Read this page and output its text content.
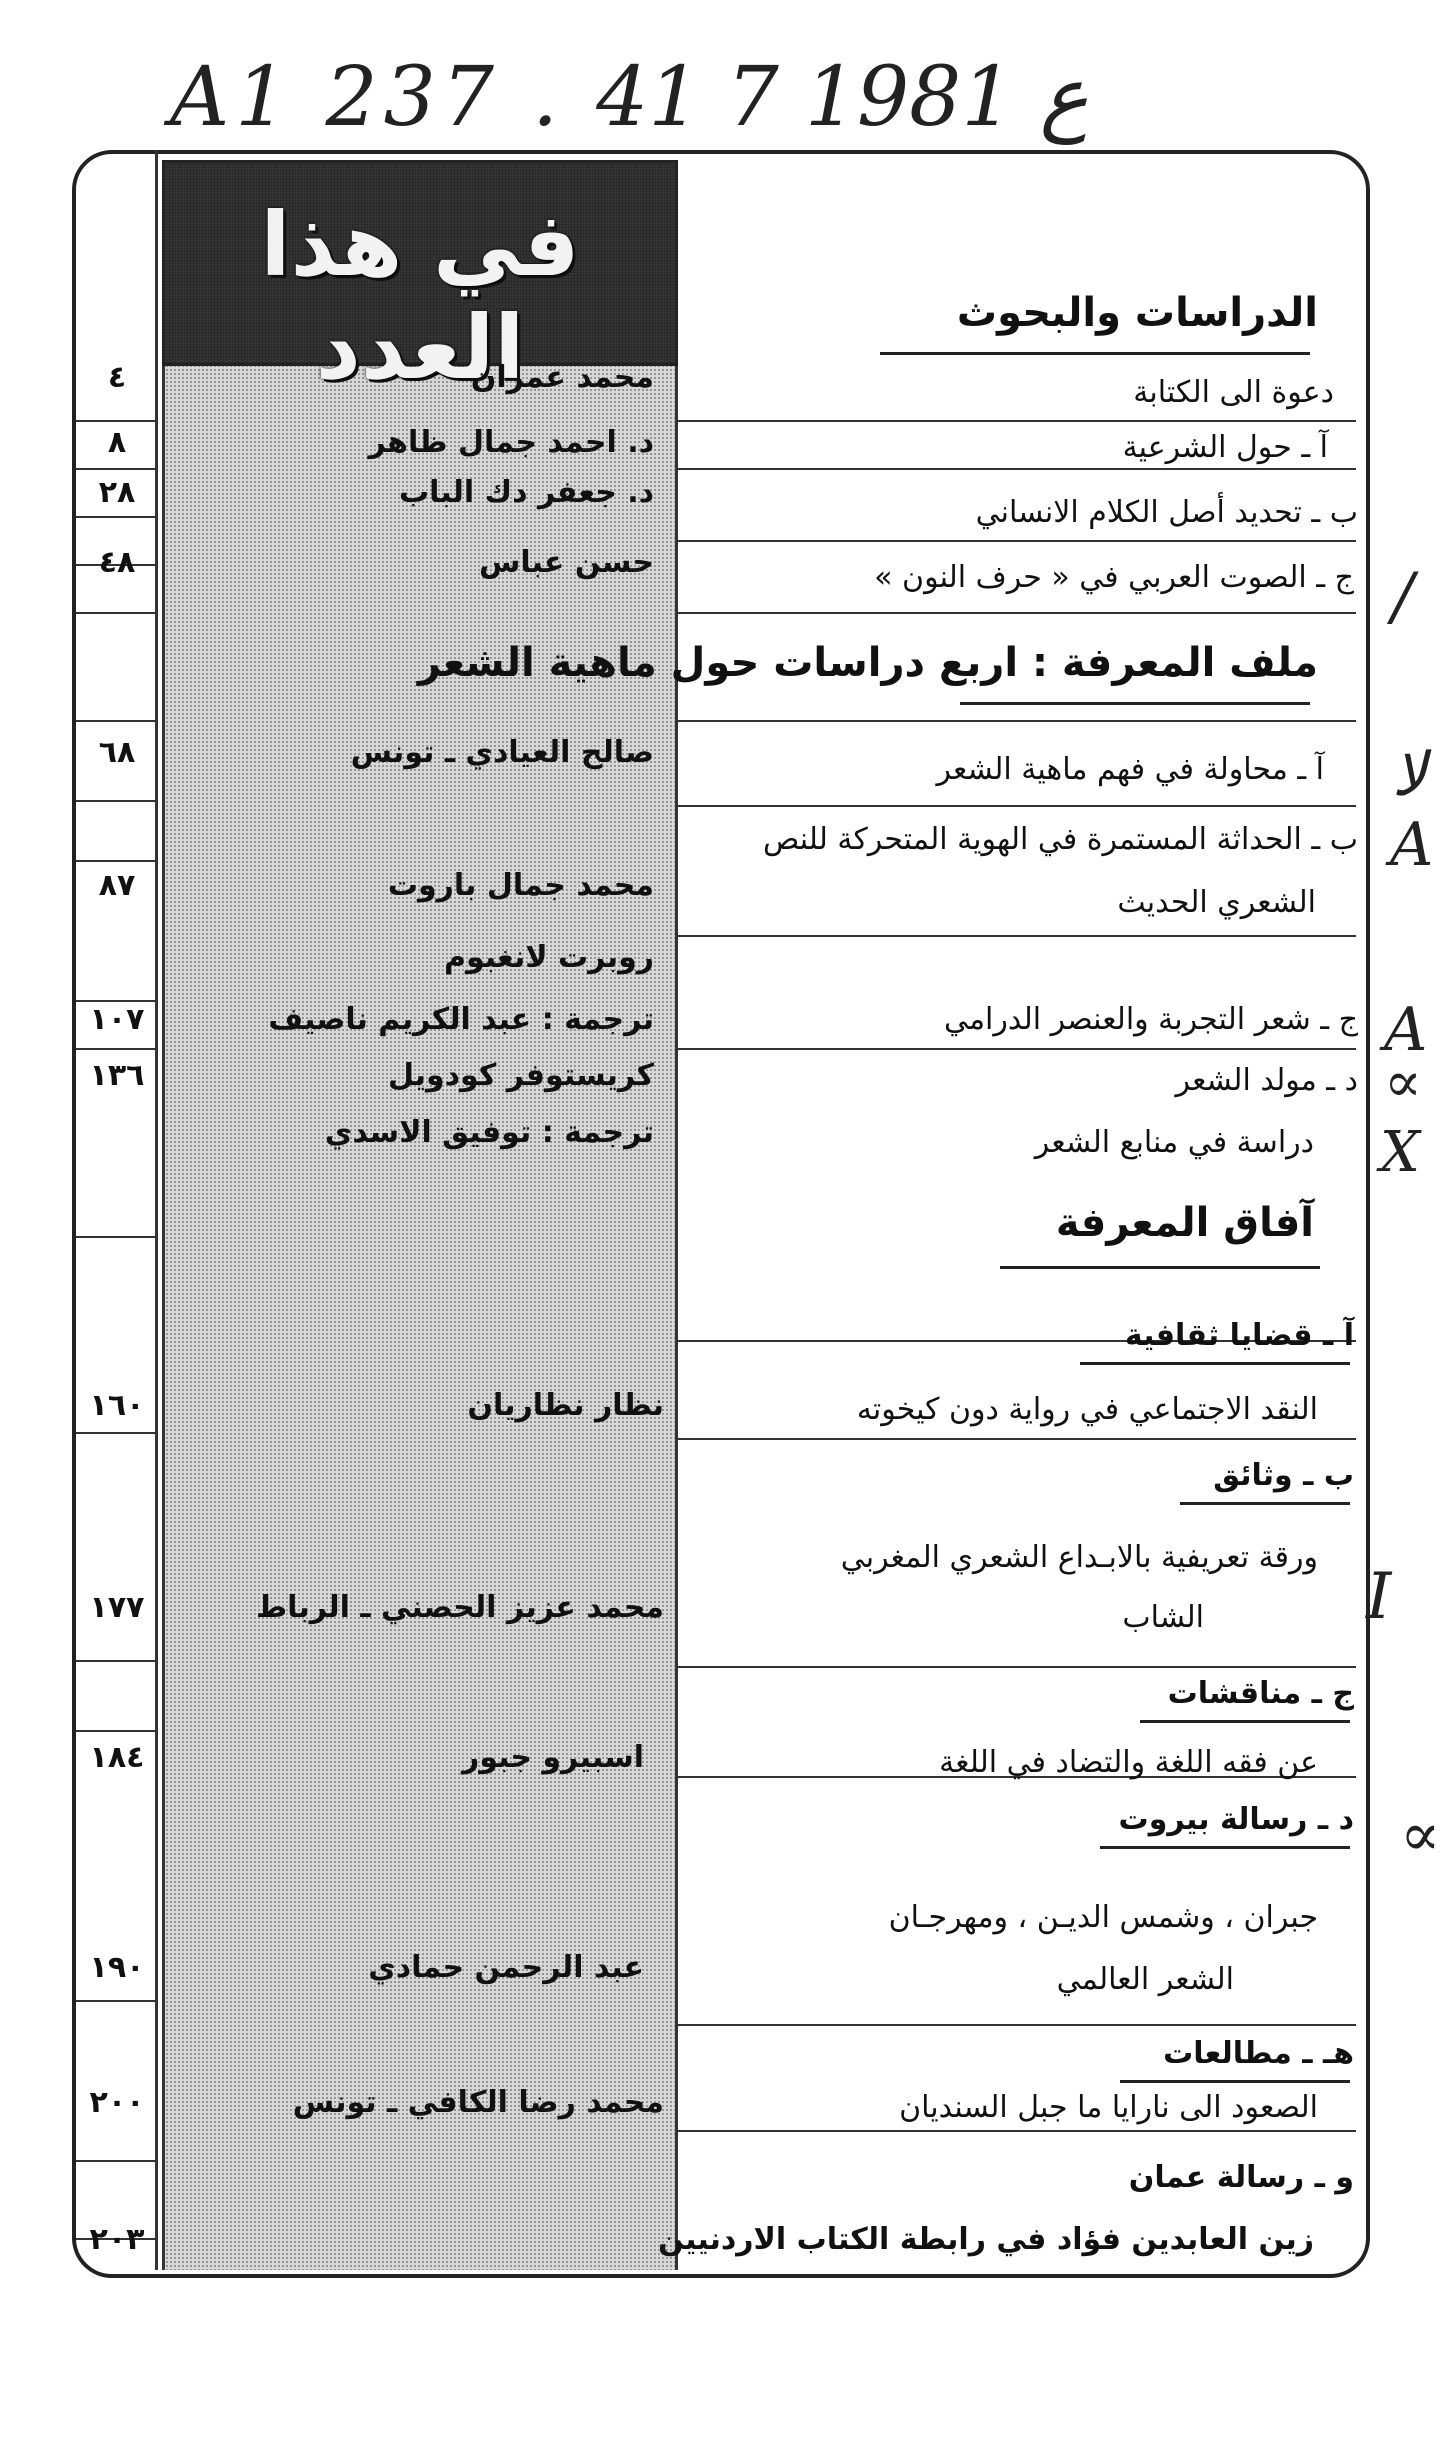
A1 237 . ع 1981 7 41
/
ﻻ
A
A
∝
X
I
∝
في هذا العدد	الدراسات والبحوث
دعوة الى الكتابة
محمد عمران
٤
آ ـ حول الشرعية
د. احمد جمال ظاهر
٨
ب ـ تحديد أصل الكلام الانساني
د. جعفر دك الباب
٢٨
ج ـ الصوت العربي في « حرف النون »
حسن عباس
٤٨
ملف المعرفة : اربع دراسات حول ماهية الشعر
آ ـ محاولة في فهم ماهية الشعر
صالح العيادي ـ تونس
٦٨
ب ـ الحداثة المستمرة في الهوية المتحركة للنص
الشعري الحديث
محمد جمال باروت
٨٧
ج ـ شعر التجربة والعنصر الدرامي
روبرت لانغبوم
ترجمة : عبد الكريم ناصيف
١٠٧
د ـ مولد الشعر
دراسة في منابع الشعر
كريستوفر كودويل
ترجمة : توفيق الاسدي
١٣٦
آفاق المعرفة
آ ـ قضايا ثقافية
النقد الاجتماعي في رواية دون كيخوته
نظار نظاريان
١٦٠
ب ـ وثائق
ورقة تعريفية بالابـداع الشعري المغربي
الشاب
محمد عزيز الحصني ـ الرباط
١٧٧
ج ـ مناقشات
عن فقه اللغة والتضاد في اللغة
اسبيرو جبور
١٨٤
د ـ رسالة بيروت
جبران ، وشمس الديـن ، ومهرجـان
الشعر العالمي
عبد الرحمن حمادي
١٩٠
هـ ـ مطالعات
الصعود الى نارايا ما جبل السنديان
محمد رضا الكافي ـ تونس
٢٠٠
و ـ رسالة عمان
زين العابدين فؤاد في رابطة الكتاب الاردنيين
٢٠٣
